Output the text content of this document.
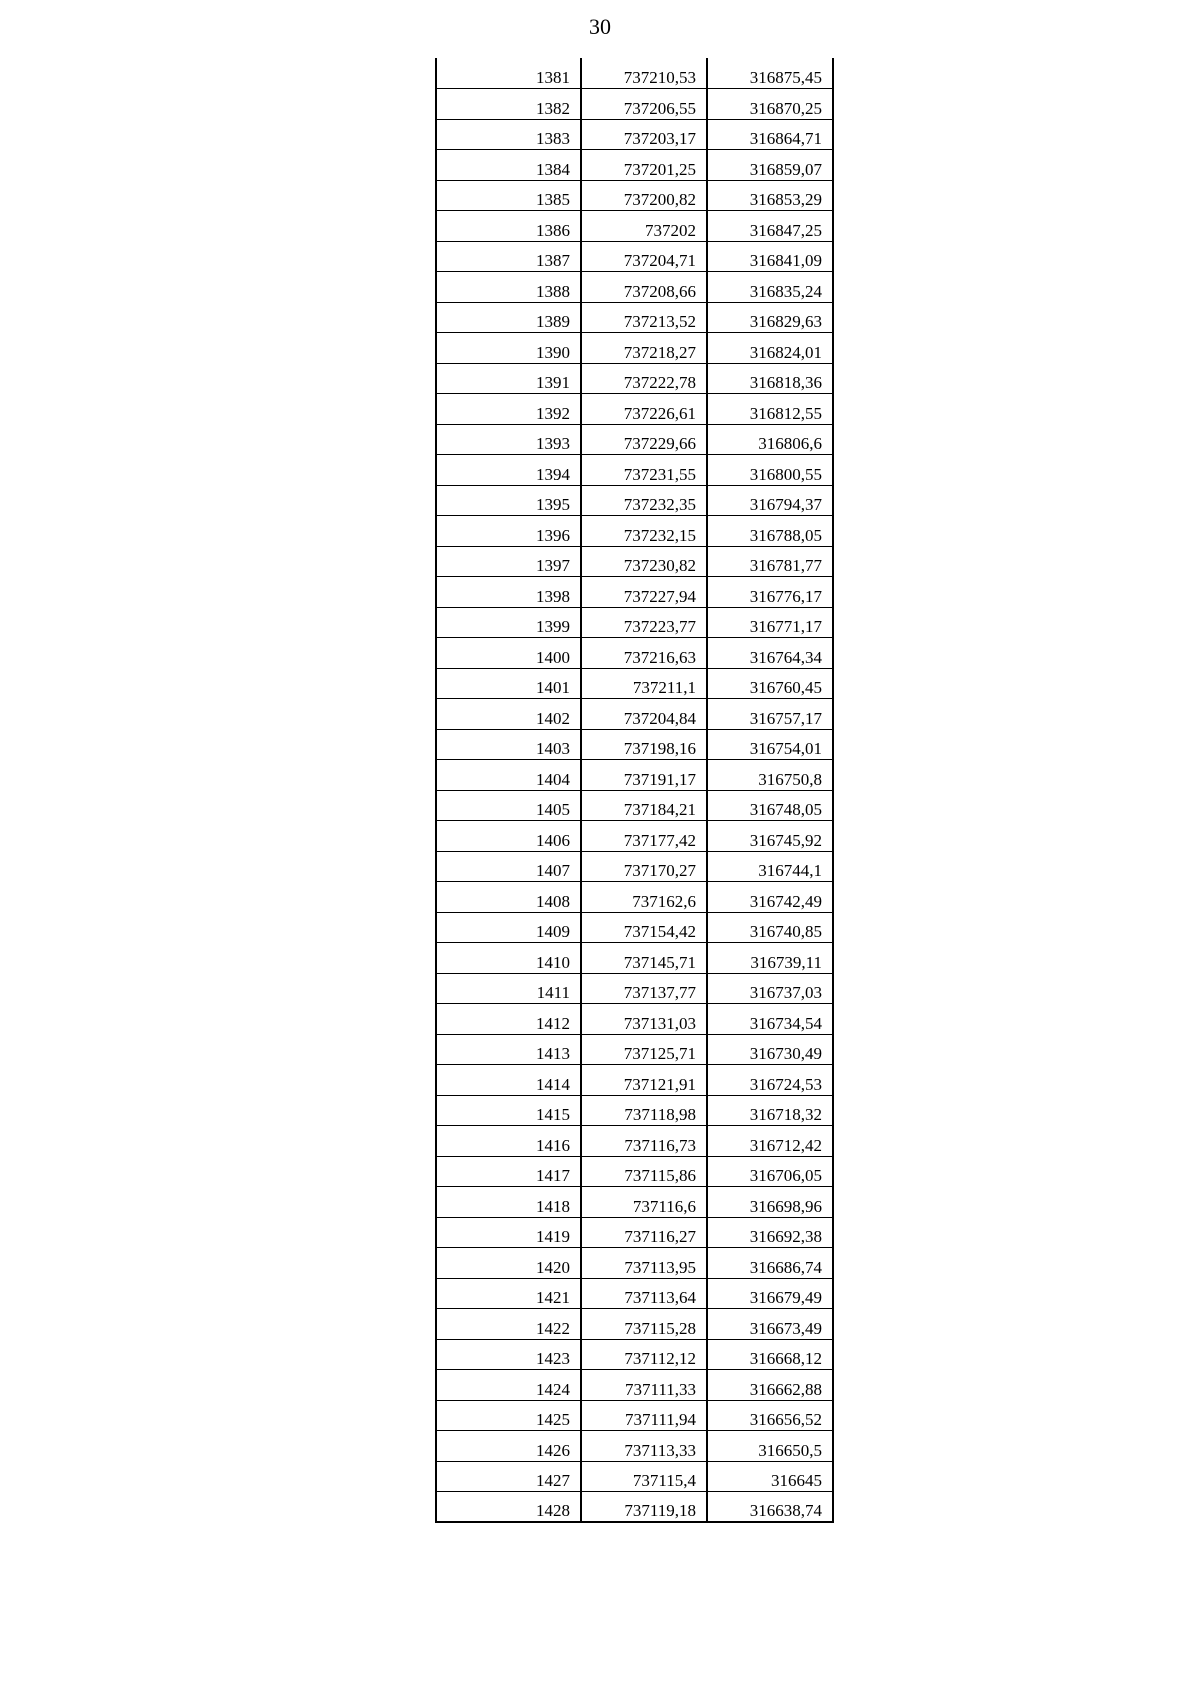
30
1381	737210,53	316875,45
1382	737206,55	316870,25
1383	737203,17	316864,71
1384	737201,25	316859,07
1385	737200,82	316853,29
1386	737202	316847,25
1387	737204,71	316841,09
1388	737208,66	316835,24
1389	737213,52	316829,63
1390	737218,27	316824,01
1391	737222,78	316818,36
1392	737226,61	316812,55
1393	737229,66	316806,6
1394	737231,55	316800,55
1395	737232,35	316794,37
1396	737232,15	316788,05
1397	737230,82	316781,77
1398	737227,94	316776,17
1399	737223,77	316771,17
1400	737216,63	316764,34
1401	737211,1	316760,45
1402	737204,84	316757,17
1403	737198,16	316754,01
1404	737191,17	316750,8
1405	737184,21	316748,05
1406	737177,42	316745,92
1407	737170,27	316744,1
1408	737162,6	316742,49
1409	737154,42	316740,85
1410	737145,71	316739,11
1411	737137,77	316737,03
1412	737131,03	316734,54
1413	737125,71	316730,49
1414	737121,91	316724,53
1415	737118,98	316718,32
1416	737116,73	316712,42
1417	737115,86	316706,05
1418	737116,6	316698,96
1419	737116,27	316692,38
1420	737113,95	316686,74
1421	737113,64	316679,49
1422	737115,28	316673,49
1423	737112,12	316668,12
1424	737111,33	316662,88
1425	737111,94	316656,52
1426	737113,33	316650,5
1427	737115,4	316645
1428	737119,18	316638,74
